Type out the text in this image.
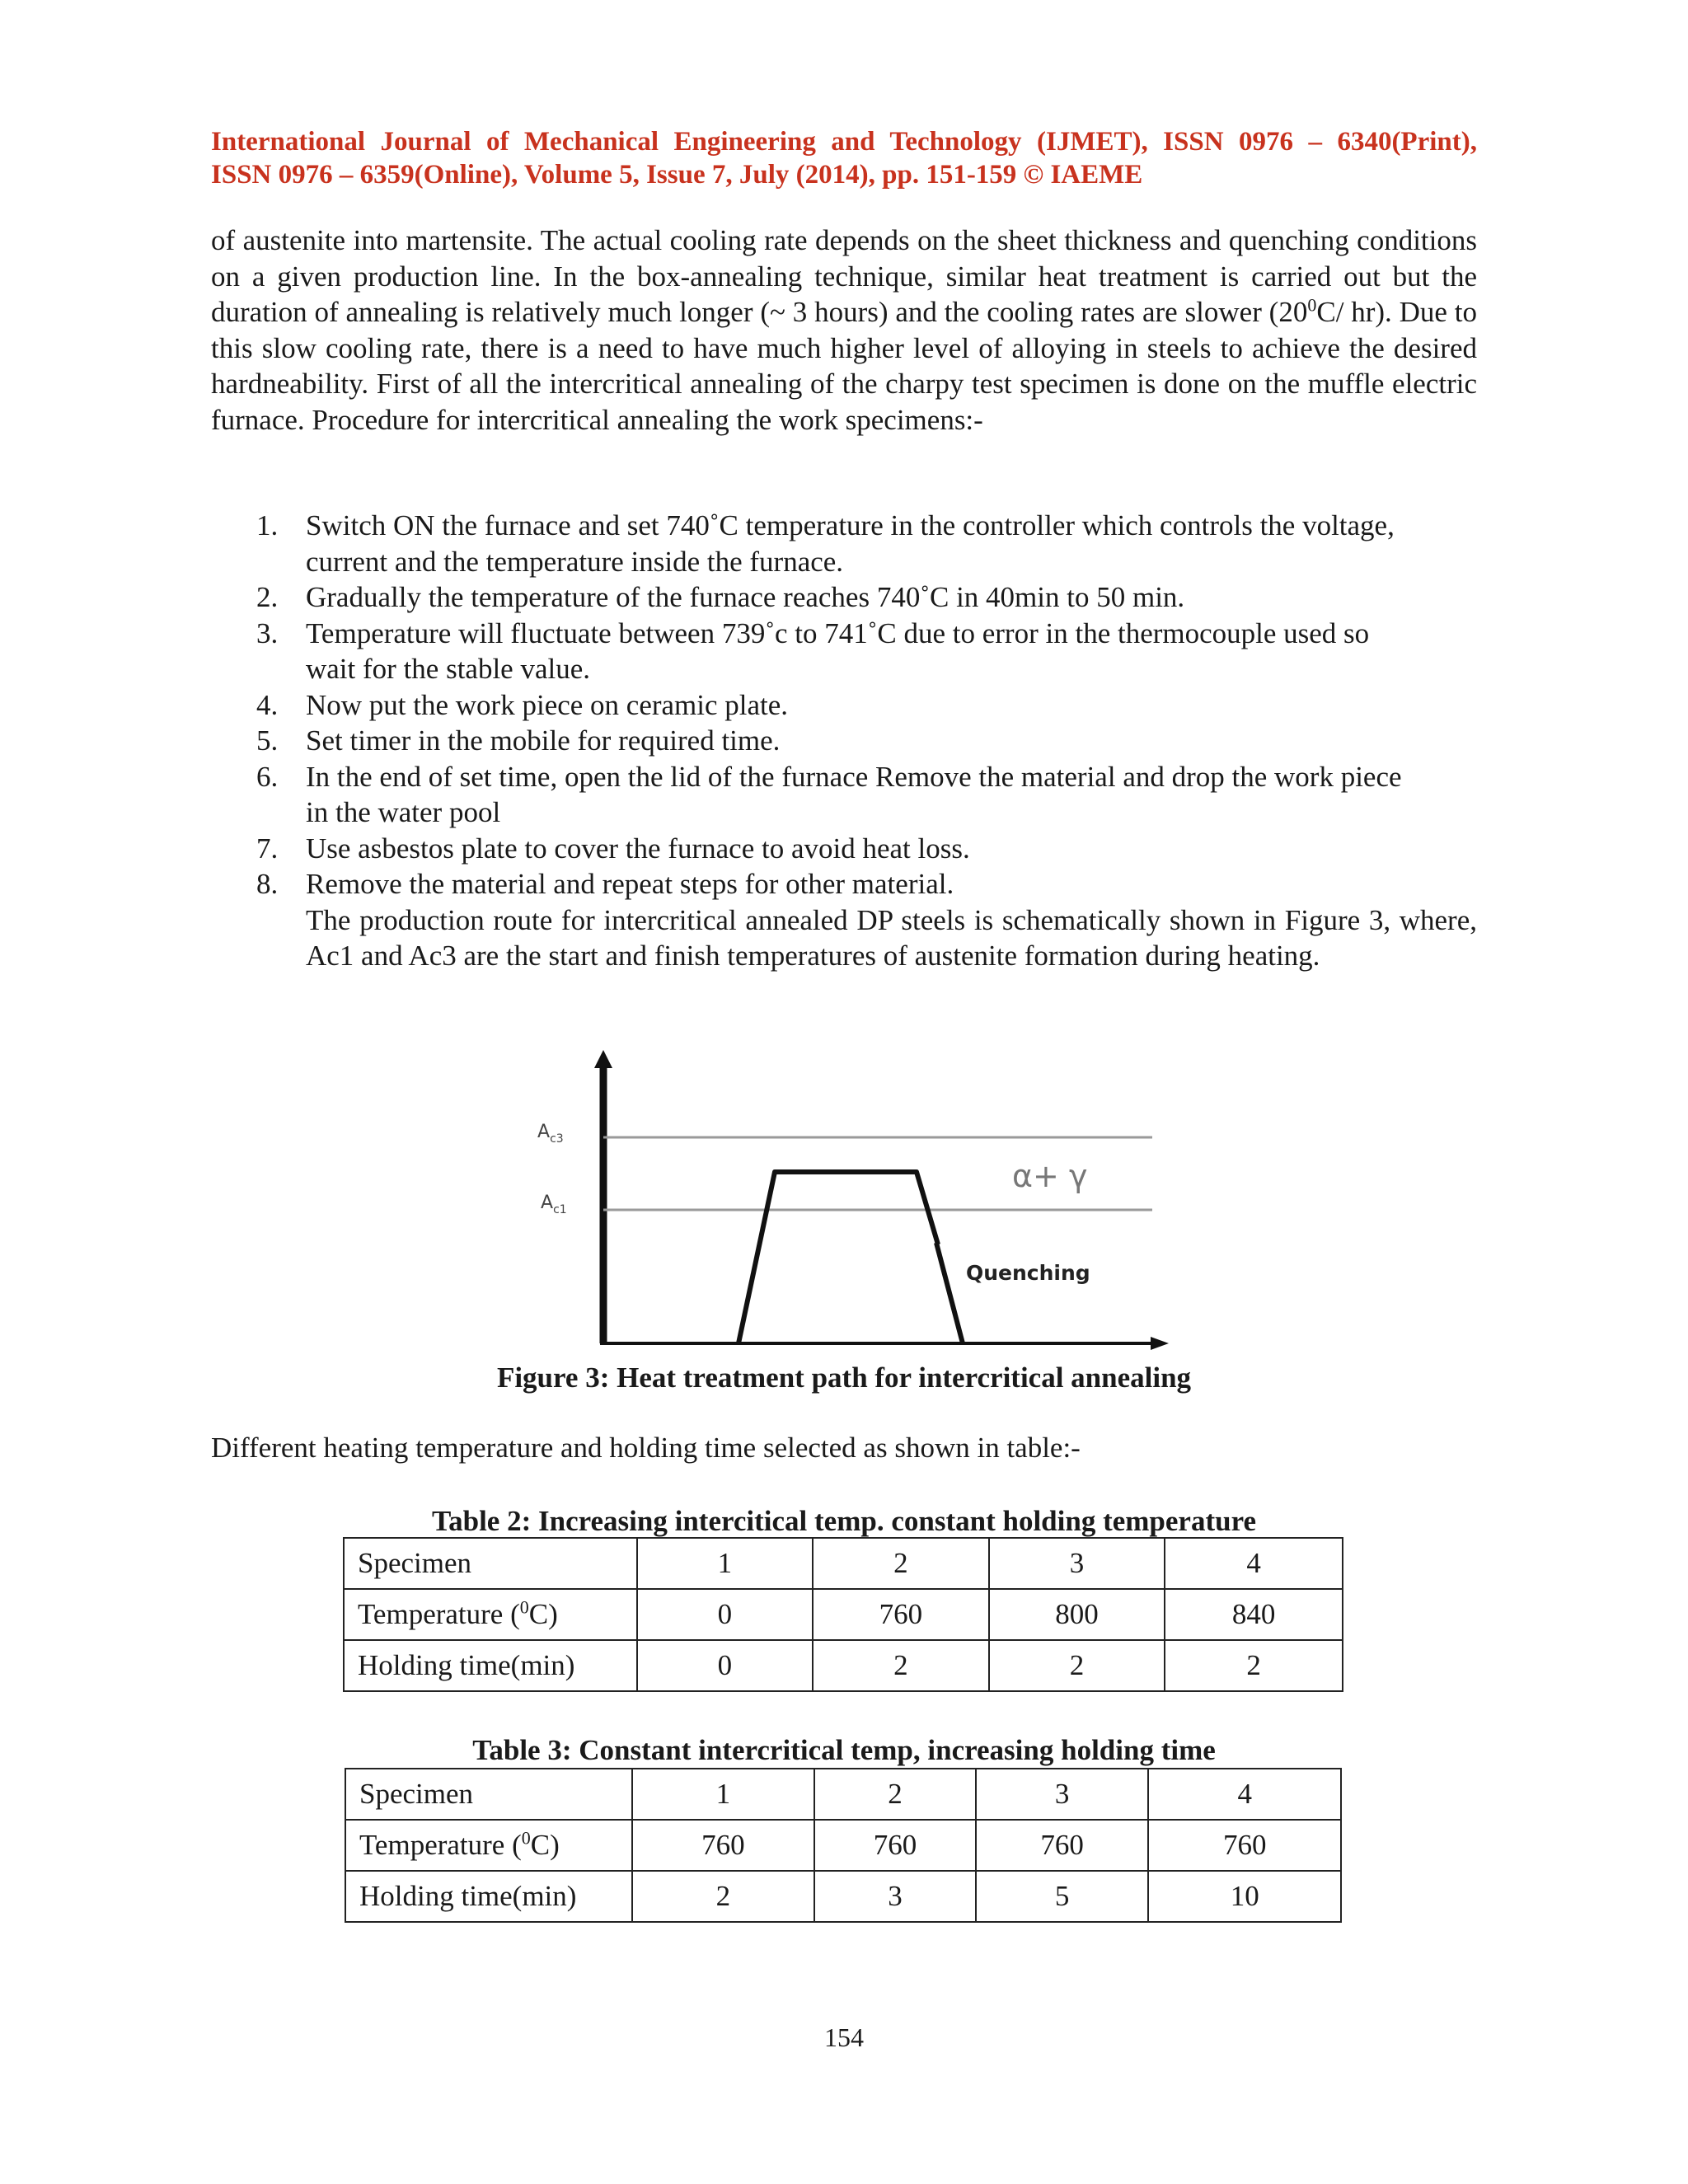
International Journal of Mechanical Engineering and Technology (IJMET), ISSN 0976 – 6340(Print),

ISSN 0976 – 6359(Online), Volume 5, Issue 7, July (2014), pp. 151-159 © IAEME

of austenite into martensite. The actual cooling rate depends on the sheet thickness and quenching conditions on a given production line. In the box-annealing technique, similar heat treatment is carried out but the duration of annealing is relatively much longer (~ 3 hours) and the cooling rates are slower ($20^0C/$ hr). Due to this slow cooling rate, there is a need to have much higher level of alloying in steels to achieve the desired hardneability. First of all the intercritical annealing of the charpy test specimen is done on the muffle electric furnace. Procedure for intercritical annealing the work specimens:-

1. Switch ON the furnace and set 740˚C temperature in the controller which controls the voltage, current and the temperature inside the furnace.
2. Gradually the temperature of the furnace reaches 740˚C in 40min to 50 min.
3. Temperature will fluctuate between 739˚c to 741˚C due to error in the thermocouple used so wait for the stable value.
4. Now put the work piece on ceramic plate.
5. Set timer in the mobile for required time.
6. In the end of set time, open the lid of the furnace Remove the material and drop the work piece in the water pool
7. Use asbestos plate to cover the furnace to avoid heat loss.
8. Remove the material and repeat steps for other material.
The production route for intercritical annealed DP steels is schematically shown in Figure 3, where, Ac1 and Ac3 are the start and finish temperatures of austenite formation during heating.
$A_{c3}$
$A_{c1}$
α+ γ
Quenching
Figure 3: Heat treatment path for intercritical annealing
Different heating temperature and holding time selected as shown in table:-
Table 2: Increasing intercitical temp. constant holding temperature
Specimen	1	2	3	4
Temperature ($^0$C)	0	760	800	840
Holding time(min)	0	2	2	2
Table 3: Constant intercritical temp, increasing holding time
Specimen	1	2	3	4
Temperature ($^0$C)	760	760	760	760
Holding time(min)	2	3	5	10
154
